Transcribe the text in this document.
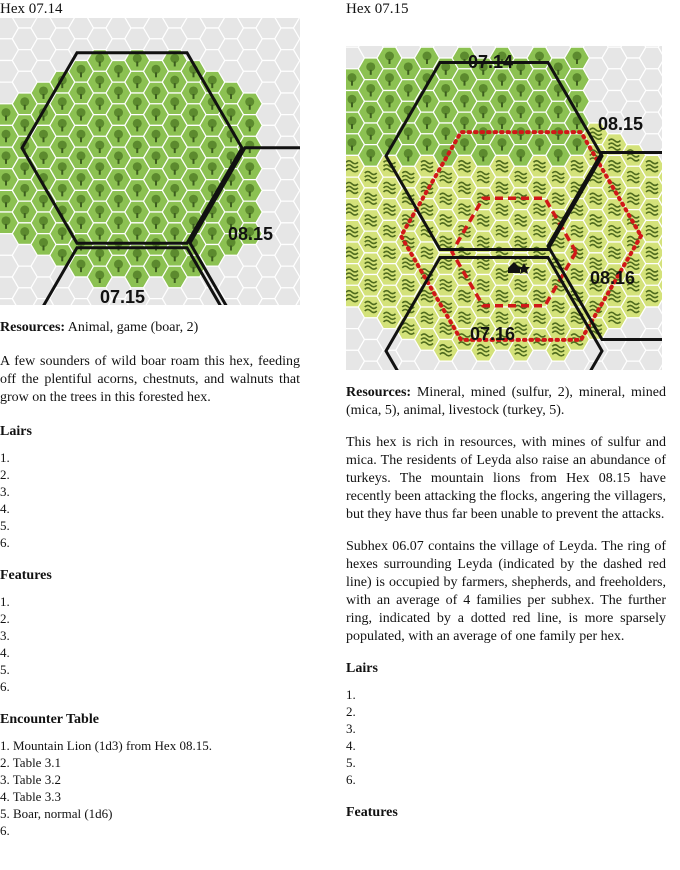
Hex 07.14
08.15
07.15

Resources: Animal, game (boar, 2)

A few sounders of wild boar roam this hex, feeding off the plentiful acorns, chestnuts, and walnuts that grow on the trees in this forested hex.

Lairs

1.
2.
3.
4.
5.
6.

Features

1.
2.
3.
4.
5.
6.

Encounter Table

1. Mountain Lion (1d3) from Hex 08.15.
2. Table 3.1
3. Table 3.2
4. Table 3.3
5. Boar, normal (1d6)
6.
Hex 07.15
07.14
08.15
08.16
07.16

Resources: Mineral, mined (sulfur, 2), mineral, mined (mica, 5), animal, livestock (turkey, 5).

This hex is rich in resources, with mines of sulfur and mica. The residents of Leyda also raise an abundance of turkeys. The mountain lions from Hex 08.15 have recently been attacking the flocks, angering the villagers, but they have thus far been unable to prevent the attacks.

Subhex 06.07 contains the village of Leyda. The ring of hexes surrounding Leyda (indicated by the dashed red line) is occupied by farmers, shepherds, and freeholders, with an average of 4 families per subhex. The further ring, indicated by a dotted red line, is more sparsely populated, with an average of one family per hex.

Lairs

1.
2.
3.
4.
5.
6.

Features
